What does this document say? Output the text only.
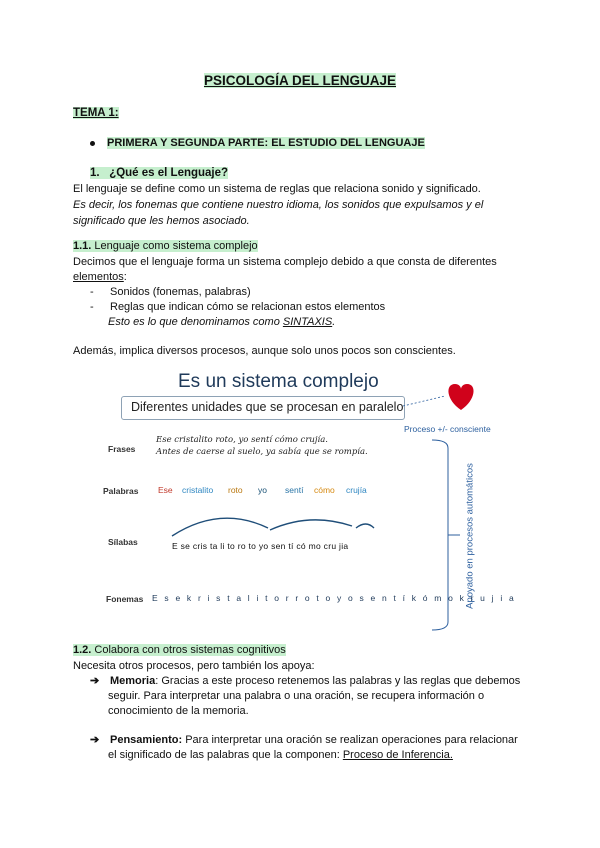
PSICOLOGÍA DEL LENGUAJE
TEMA 1:
PRIMERA Y SEGUNDA PARTE: EL ESTUDIO DEL LENGUAJE
1. ¿Qué es el Lenguaje?
El lenguaje se define como un sistema de reglas que relaciona sonido y significado.
Es decir, los fonemas que contiene nuestro idioma, los sonidos que expulsamos y el
significado que les hemos asociado.
1.1. Lenguaje como sistema complejo
Decimos que el lenguaje forma un sistema complejo debido a que consta de diferentes
elementos:
- Sonidos (fonemas, palabras)
- Reglas que indican cómo se relacionan estos elementos
Esto es lo que denominamos como SINTAXIS.
Además, implica diversos procesos, aunque solo unos pocos son conscientes.
Es un sistema complejo
Diferentes unidades que se procesan en paralelo
Proceso +/- consciente
Apoyado en procesos automáticos
Frases
Ese cristalito roto, yo sentí cómo crujía.
Antes de caerse al suelo, ya sabía que se rompía.
Palabras Ese cristalito roto yo sentí cómo crujía
Sílabas	E se cris ta li to ro to yo sen tí có mo cru jia
Fonemas E s e k r i s t a l i t o r r o t o y o s e n t í k ó m o k r u j i a
1.2. Colabora con otros sistemas cognitivos
Necesita otros procesos, pero también los apoya:
➔ Memoria: Gracias a este proceso retenemos las palabras y las reglas que debemos
seguir. Para interpretar una palabra o una oración, se recupera información o
conocimiento de la memoria.
➔ Pensamiento: Para interpretar una oración se realizan operaciones para relacionar
el significado de las palabras que la componen: Proceso de Inferencia.
